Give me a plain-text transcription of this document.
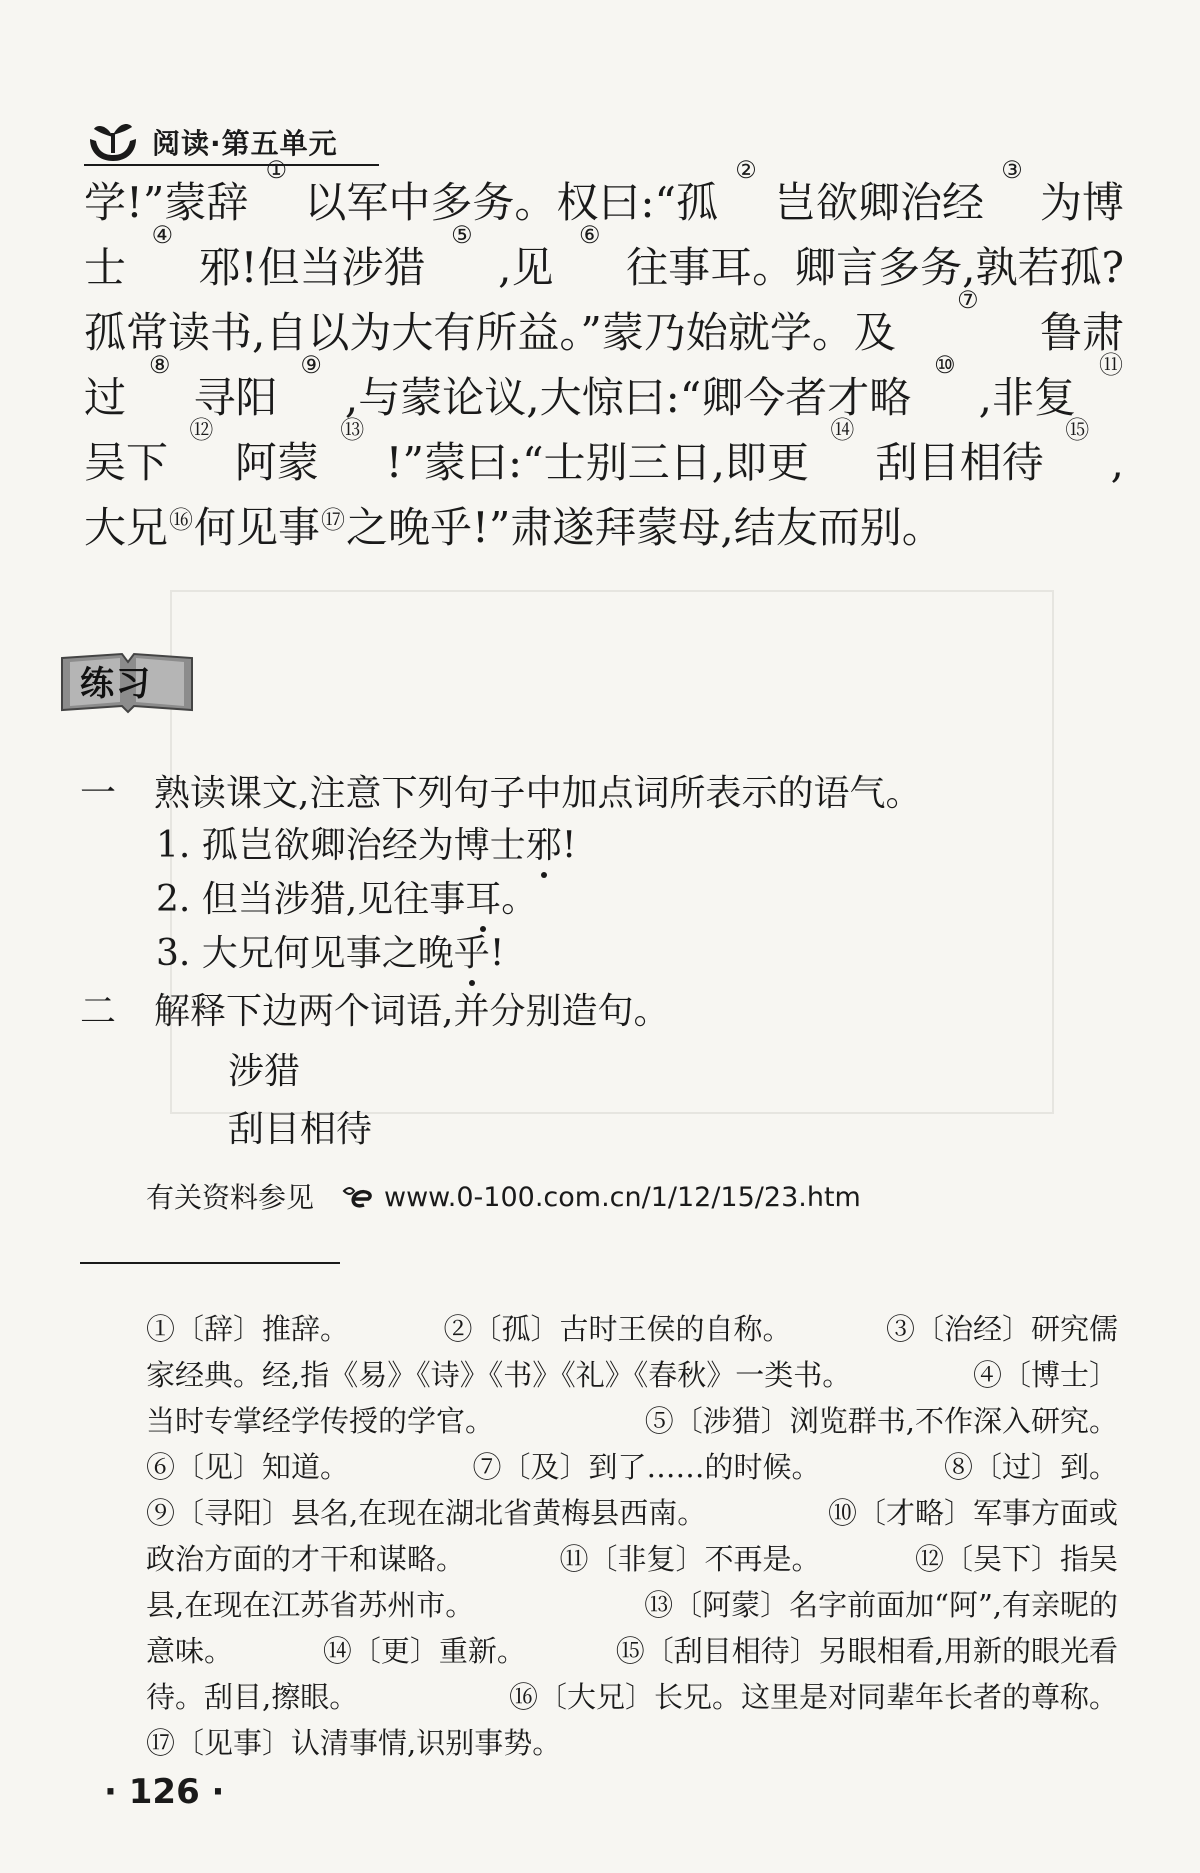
阅读·第五单元
学!”蒙辞
①
以军中多务。权曰:“孤
②
岂欲卿治经
③
为博
士
④
邪!但当涉猎
⑤
,见
⑥
往事耳。卿言多务,孰若孤?
孤常读书,自以为大有所益。”蒙乃始就学。及
⑦
鲁肃
过
⑧
寻阳
⑨
,与蒙论议,大惊曰:“卿今者才略
⑩
,非复
⑪
吴下
⑫
阿蒙
⑬
!”蒙曰:“士别三日,即更
⑭
刮目相待
⑮
,
大兄⑯何见事⑰之晚乎!”肃遂拜蒙母,结友而别。
练习
一 熟读课文,注意下列句子中加点词所表示的语气。
1. 孤岂欲卿治经为博士邪!
2. 但当涉猎,见往事耳。
3. 大兄何见事之晚乎!
二 解释下边两个词语,并分别造句。
涉猎
刮目相待
有关资料参见	www.0-100.com.cn/1/12/15/23.htm
①〔辞〕推辞。	②〔孤〕古时王侯的自称。	③〔治经〕研究儒
家经典。经,指《易》《诗》《书》《礼》《春秋》一类书。	④〔博士〕
当时专掌经学传授的学官。	⑤〔涉猎〕浏览群书,不作深入研究。
⑥〔见〕知道。	⑦〔及〕到了……的时候。	⑧〔过〕到。
⑨〔寻阳〕县名,在现在湖北省黄梅县西南。	⑩〔才略〕军事方面或
政治方面的才干和谋略。	⑪〔非复〕不再是。	⑫〔吴下〕指吴
县,在现在江苏省苏州市。	⑬〔阿蒙〕名字前面加“阿”,有亲昵的
意味。	⑭〔更〕重新。	⑮〔刮目相待〕另眼相看,用新的眼光看
待。刮目,擦眼。	⑯〔大兄〕长兄。这里是对同辈年长者的尊称。
⑰〔见事〕认清事情,识别事势。
· 126 ·
